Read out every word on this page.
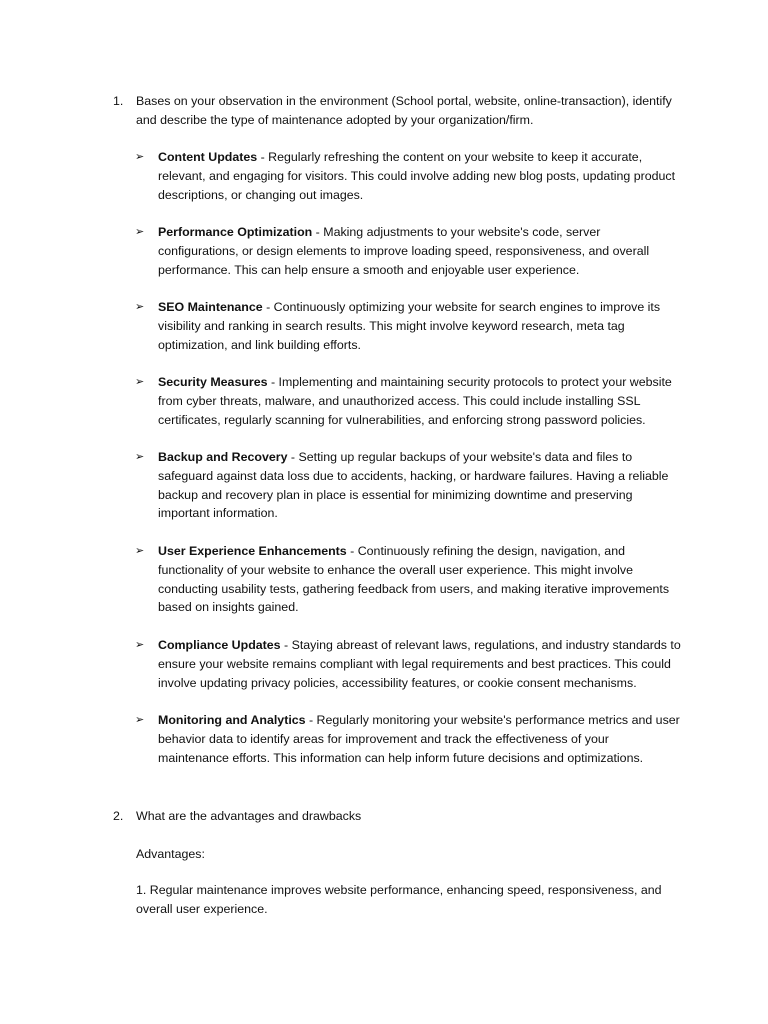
1. Bases on your observation in the environment (School portal, website, online-transaction), identify and describe the type of maintenance adopted by your organization/firm.
➢ Content Updates - Regularly refreshing the content on your website to keep it accurate, relevant, and engaging for visitors. This could involve adding new blog posts, updating product descriptions, or changing out images.
➢ Performance Optimization - Making adjustments to your website's code, server configurations, or design elements to improve loading speed, responsiveness, and overall performance. This can help ensure a smooth and enjoyable user experience.
➢ SEO Maintenance - Continuously optimizing your website for search engines to improve its visibility and ranking in search results. This might involve keyword research, meta tag optimization, and link building efforts.
➢ Security Measures - Implementing and maintaining security protocols to protect your website from cyber threats, malware, and unauthorized access. This could include installing SSL certificates, regularly scanning for vulnerabilities, and enforcing strong password policies.
➢ Backup and Recovery - Setting up regular backups of your website's data and files to safeguard against data loss due to accidents, hacking, or hardware failures. Having a reliable backup and recovery plan in place is essential for minimizing downtime and preserving important information.
➢ User Experience Enhancements - Continuously refining the design, navigation, and functionality of your website to enhance the overall user experience. This might involve conducting usability tests, gathering feedback from users, and making iterative improvements based on insights gained.
➢ Compliance Updates - Staying abreast of relevant laws, regulations, and industry standards to ensure your website remains compliant with legal requirements and best practices. This could involve updating privacy policies, accessibility features, or cookie consent mechanisms.
➢ Monitoring and Analytics - Regularly monitoring your website's performance metrics and user behavior data to identify areas for improvement and track the effectiveness of your maintenance efforts. This information can help inform future decisions and optimizations.
2. What are the advantages and drawbacks
Advantages:
1. Regular maintenance improves website performance, enhancing speed, responsiveness, and overall user experience.
